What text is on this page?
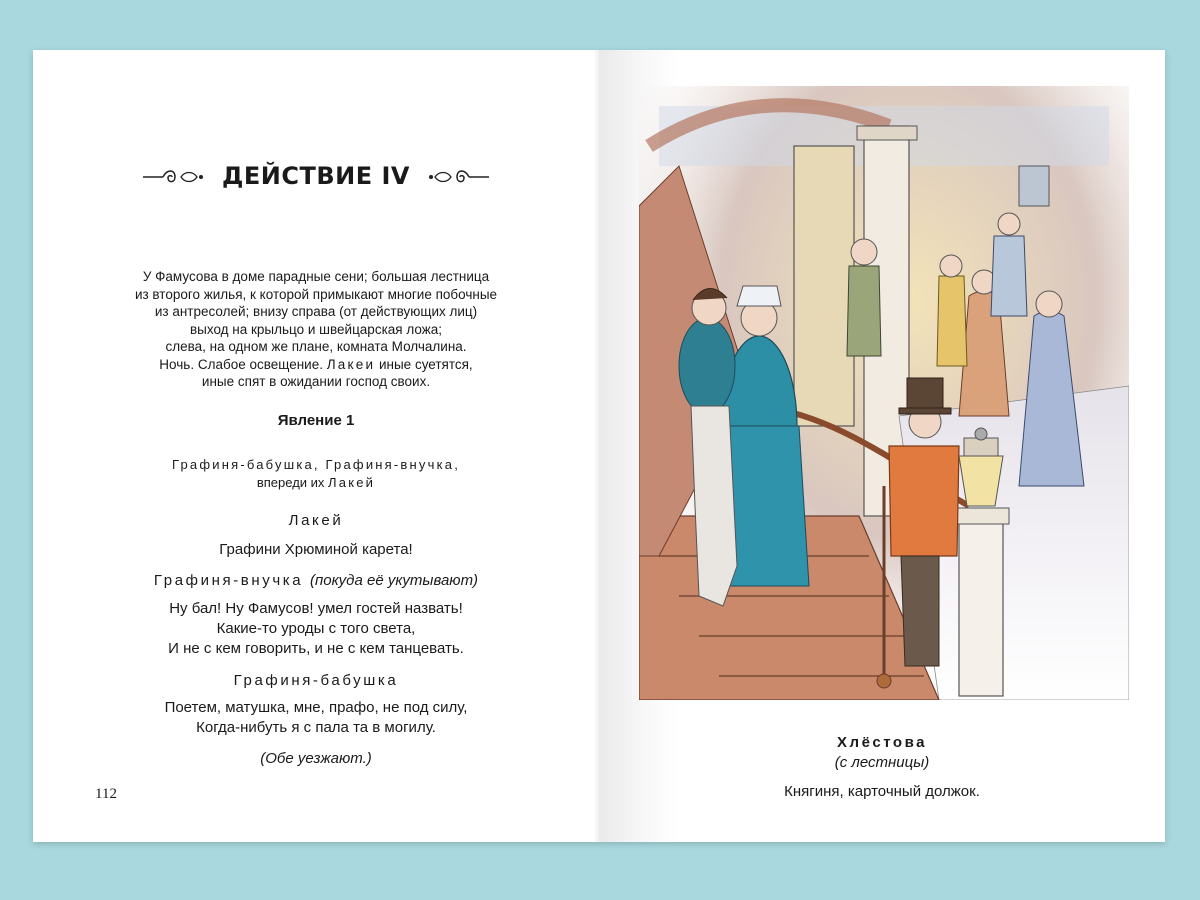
ДЕЙСТВИЕ IV
У Фамусова в доме парадные сени; большая лестница
из второго жилья, к которой примыкают многие побочные
из антресолей; внизу справа (от действующих лиц)
выход на крыльцо и швейцарская ложа;
слева, на одном же плане, комната Молчалина.
Ночь. Слабое освещение. Лакеи иные суетятся,
иные спят в ожидании господ своих.
Явление 1
Графиня-бабушка, Графиня-внучка,
впереди их Лакей
Лакей
Графини Хрюминой карета!
Графиня-внучка (покуда её укутывают)
Ну бал! Ну Фамусов! умел гостей назвать!
Какие-то уроды с того света,
И не с кем говорить, и не с кем танцевать.
Графиня-бабушка
Поетем, матушка, мне, прафо, не под силу,
Когда-нибуть я с пала та в могилу.
(Обе уезжают.)
112
Хлёстова
(с лестницы)
Княгиня, карточный должок.
